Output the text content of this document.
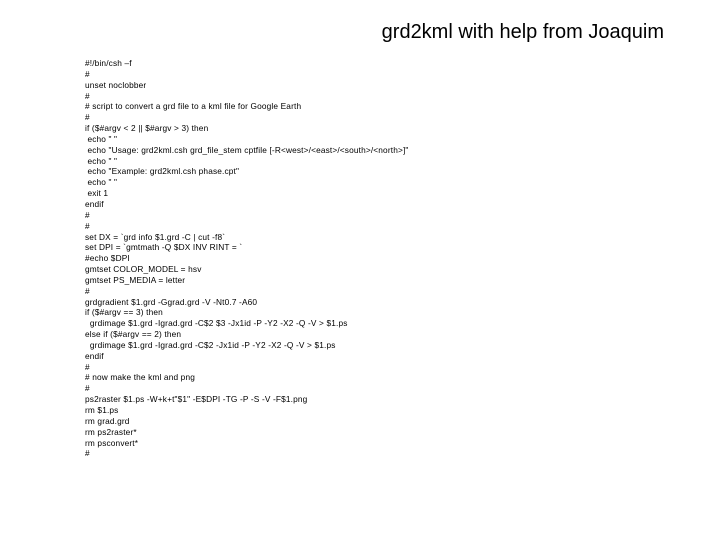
grd2kml with help from Joaquim
#!/bin/csh –f
#
unset noclobber
#
# script to convert a grd file to a kml file for Google Earth
#
if ($#argv < 2 || $#argv > 3) then
echo " "
echo "Usage: grd2kml.csh grd_file_stem cptfile [-R<west>/<east>/<south>/<north>]"
echo " "
echo "Example: grd2kml.csh phase.cpt"
echo " "
exit 1
endif
#
#
set DX = `grd info $1.grd -C | cut -f8`
set DPI = `gmtmath -Q $DX INV RINT = `
#echo $DPI
gmtset COLOR_MODEL = hsv
gmtset PS_MEDIA = letter
#
grdgradient $1.grd -Ggrad.grd -V -Nt0.7 -A60
if ($#argv == 3) then
grdimage $1.grd -Igrad.grd -C$2 $3 -Jx1id -P -Y2 -X2 -Q -V > $1.ps
else if ($#argv == 2) then
grdimage $1.grd -Igrad.grd -C$2 -Jx1id -P -Y2 -X2 -Q -V > $1.ps
endif
#
# now make the kml and png
#
ps2raster $1.ps -W+k+t"$1" -E$DPI -TG -P -S -V -F$1.png
rm $1.ps
rm grad.grd
rm ps2raster*
rm psconvert*
#
